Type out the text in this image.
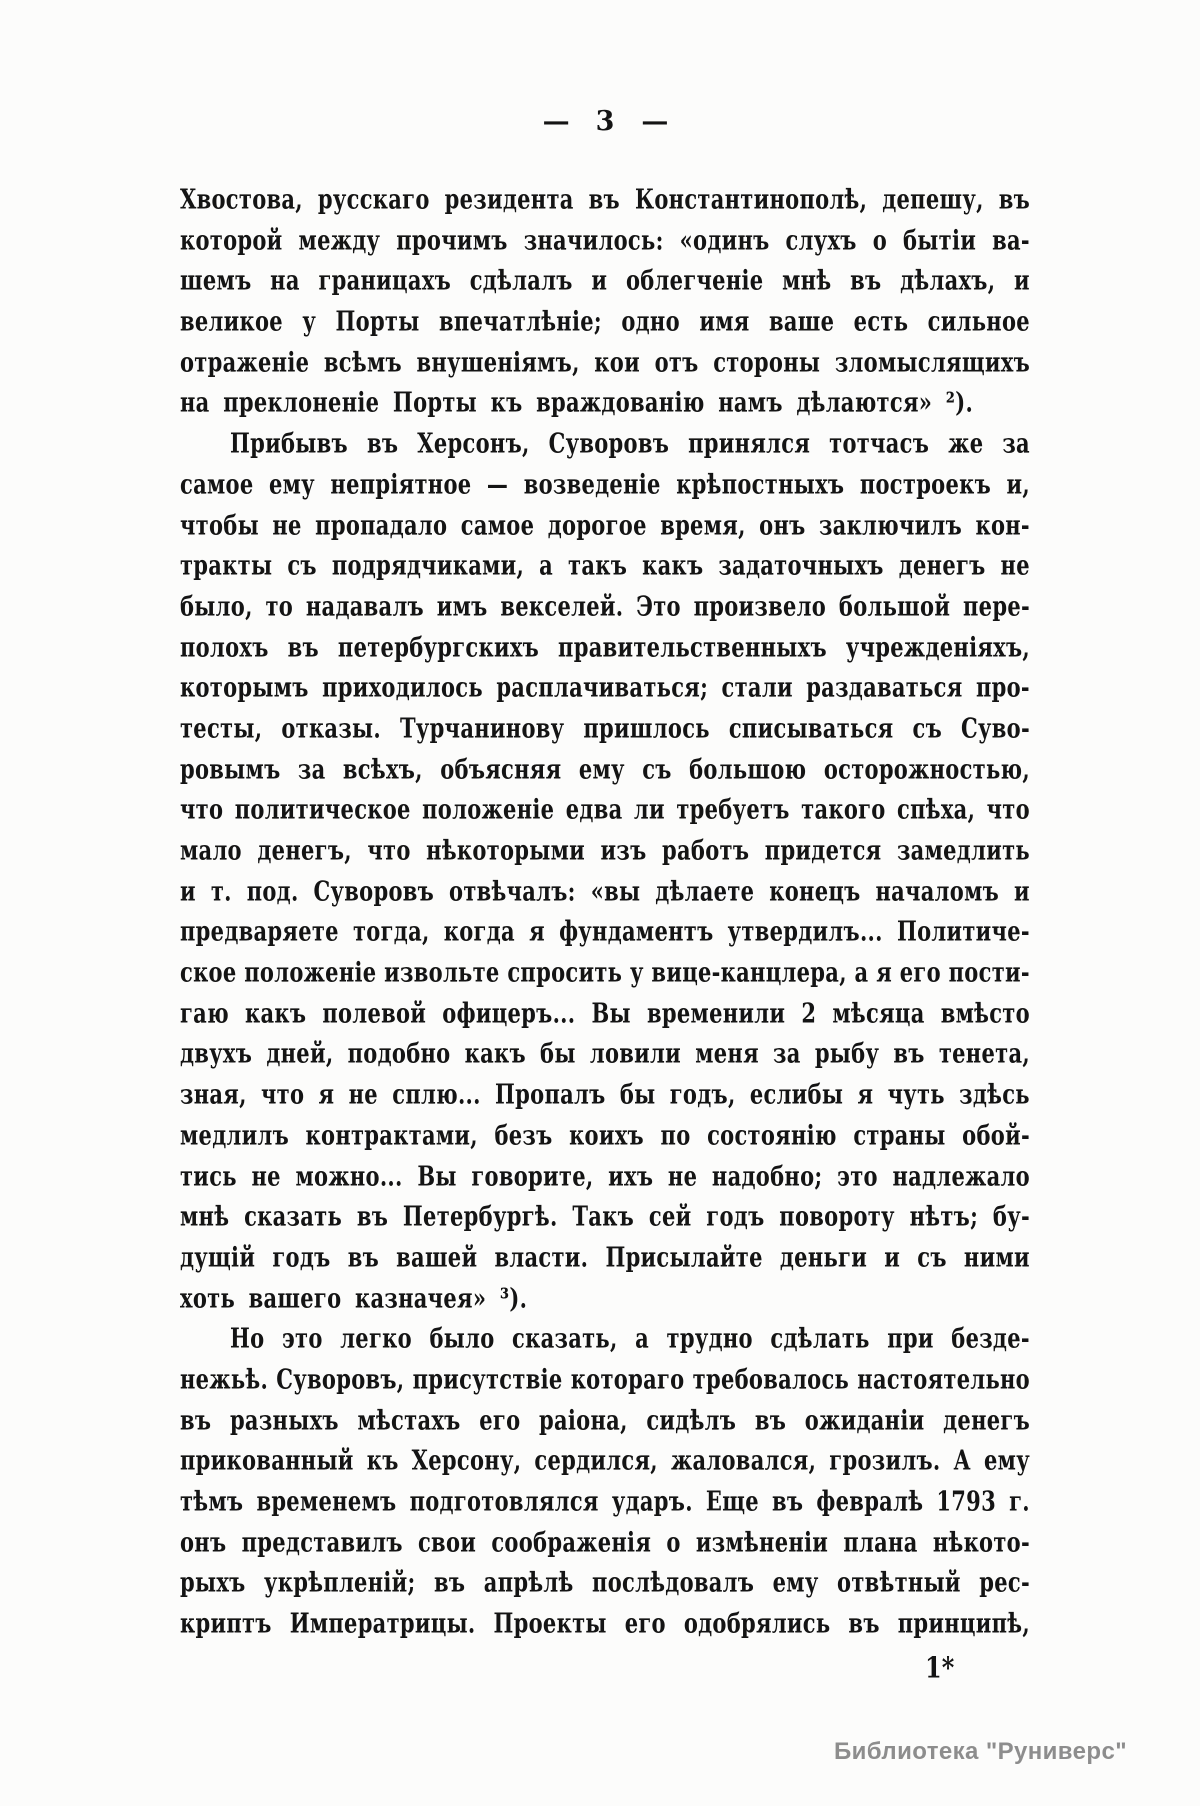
— 3 —
Хвостова, русскаго резидента въ Константинополѣ, депешу, въ
которой между прочимъ значилось: «одинъ слухъ о бытіи ва-
шемъ на границахъ сдѣлалъ и облегченіе мнѣ въ дѣлахъ, и
великое у Порты впечатлѣніе; одно имя ваше есть сильное
отраженіе всѣмъ внушеніямъ, кои отъ стороны зломыслящихъ
на преклоненіе Порты къ враждованію намъ дѣлаются» ²).
Прибывъ въ Херсонъ, Суворовъ принялся тотчасъ же за
самое ему непріятное — возведеніе крѣпостныхъ построекъ и,
чтобы не пропадало самое дорогое время, онъ заключилъ кон-
тракты съ подрядчиками, а такъ какъ задаточныхъ денегъ не
было, то надавалъ имъ векселей. Это произвело большой пере-
полохъ въ петербургскихъ правительственныхъ учрежденіяхъ,
которымъ приходилось расплачиваться; стали раздаваться про-
тесты, отказы. Турчанинову пришлось списываться съ Суво-
ровымъ за всѣхъ, объясняя ему съ большою осторожностью,
что политическое положеніе едва ли требуетъ такого спѣха, что
мало денегъ, что нѣкоторыми изъ работъ придется замедлить
и т. под. Суворовъ отвѣчалъ: «вы дѣлаете конецъ началомъ и
предваряете тогда, когда я фундаментъ утвердилъ... Политиче-
ское положеніе извольте спросить у вице-канцлера, а я его пости-
гаю какъ полевой офицеръ... Вы временили 2 мѣсяца вмѣсто
двухъ дней, подобно какъ бы ловили меня за рыбу въ тенета,
зная, что я не сплю... Пропалъ бы годъ, еслибы я чуть здѣсь
медлилъ контрактами, безъ коихъ по состоянію страны обой-
тись не можно... Вы говорите, ихъ не надобно; это надлежало
мнѣ сказать въ Петербургѣ. Такъ сей годъ повороту нѣтъ; бу-
дущій годъ въ вашей власти. Присылайте деньги и съ ними
хоть вашего казначея» ³).
Но это легко было сказать, а трудно сдѣлать при безде-
нежьѣ. Суворовъ, присутствіе котораго требовалось настоятельно
въ разныхъ мѣстахъ его раіона, сидѣлъ въ ожиданіи денегъ
прикованный къ Херсону, сердился, жаловался, грозилъ. А ему
тѣмъ временемъ подготовлялся ударъ. Еще въ февралѣ 1793 г.
онъ представилъ свои соображенія о измѣненіи плана нѣкото-
рыхъ укрѣпленій; въ апрѣлѣ послѣдовалъ ему отвѣтный рес-
криптъ Императрицы. Проекты его одобрялись въ принципѣ,
1*
Библиотека "Руниверс"
